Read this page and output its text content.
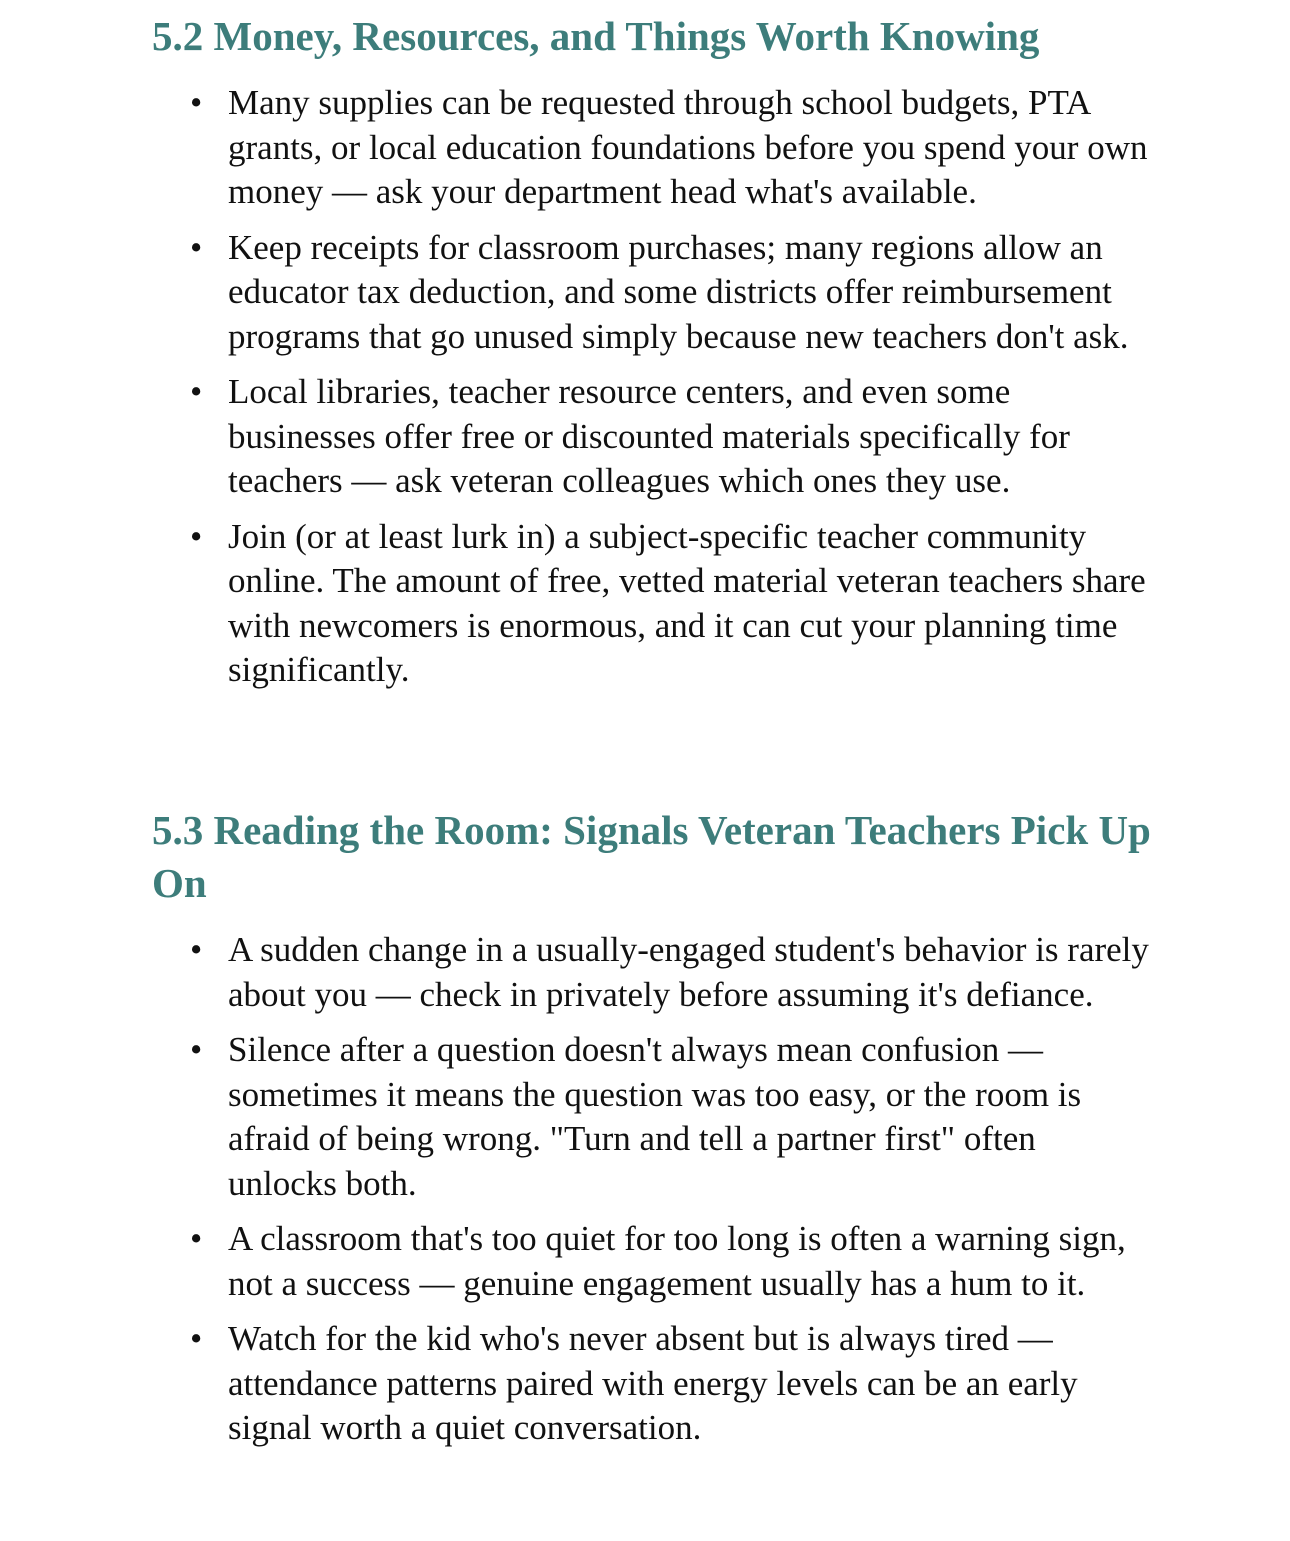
5.2 Money, Resources, and Things Worth Knowing
• Many supplies can be requested through school budgets, PTA grants, or local education foundations before you spend your own money — ask your department head what's available.
• Keep receipts for classroom purchases; many regions allow an educator tax deduction, and some districts offer reimbursement programs that go unused simply because new teachers don't ask.
• Local libraries, teacher resource centers, and even some businesses offer free or discounted materials specifically for teachers — ask veteran colleagues which ones they use.
• Join (or at least lurk in) a subject-specific teacher community online. The amount of free, vetted material veteran teachers share with newcomers is enormous, and it can cut your planning time significantly.
5.3 Reading the Room: Signals Veteran Teachers Pick Up On
• A sudden change in a usually-engaged student's behavior is rarely about you — check in privately before assuming it's defiance.
• Silence after a question doesn't always mean confusion — sometimes it means the question was too easy, or the room is afraid of being wrong. "Turn and tell a partner first" often unlocks both.
• A classroom that's too quiet for too long is often a warning sign, not a success — genuine engagement usually has a hum to it.
• Watch for the kid who's never absent but is always tired — attendance patterns paired with energy levels can be an early signal worth a quiet conversation.
